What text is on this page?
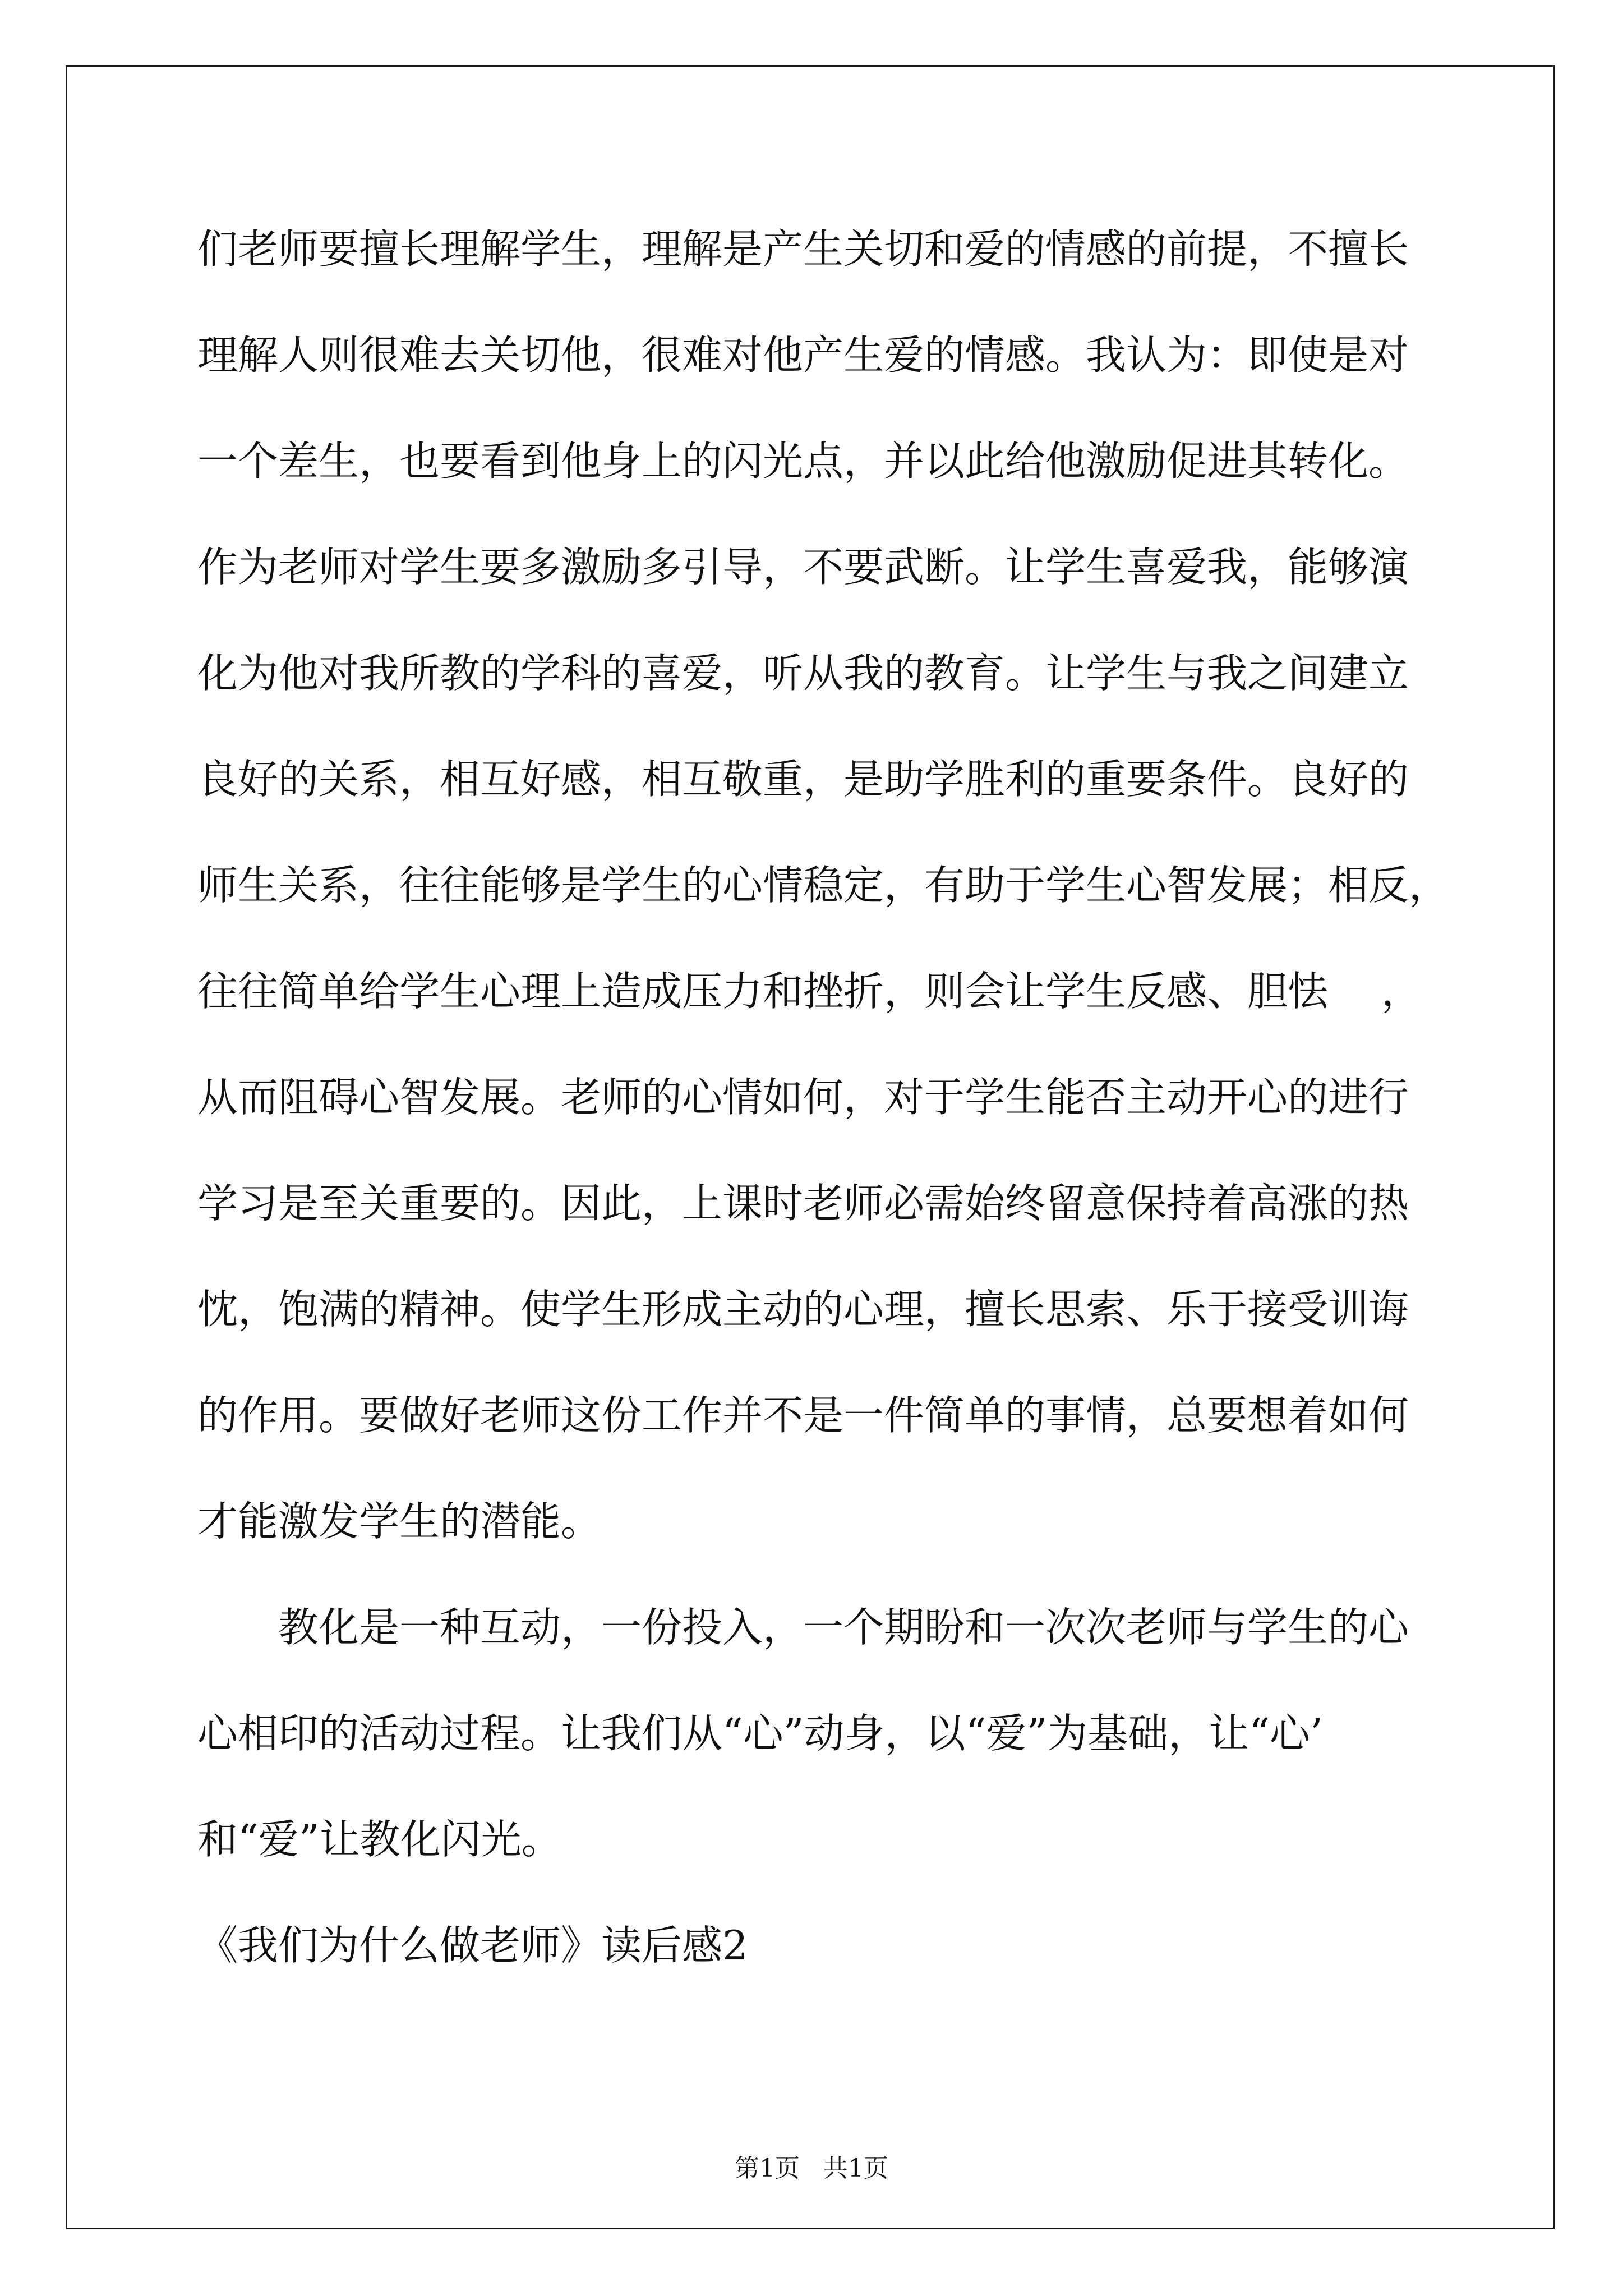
们老师要擅长理解学生，理解是产生关切和爱的情感的前提，不擅长

理解人则很难去关切他，很难对他产生爱的情感。我认为：即使是对

一个差生，也要看到他身上的闪光点，并以此给他激励促进其转化。

作为老师对学生要多激励多引导，不要武断。让学生喜爱我，能够演

化为他对我所教的学科的喜爱，听从我的教育。让学生与我之间建立

良好的关系，相互好感，相互敬重，是助学胜利的重要条件。良好的

师生关系，往往能够是学生的心情稳定，有助于学生心智发展；相反，

往往简单给学生心理上造成压力和挫折，则会让学生反感、胆怯　 ，

从而阻碍心智发展。老师的心情如何，对于学生能否主动开心的进行

学习是至关重要的。因此，上课时老师必需始终留意保持着高涨的热

忱，饱满的精神。使学生形成主动的心理，擅长思索、乐于接受训诲

的作用。要做好老师这份工作并不是一件简单的事情，总要想着如何

才能激发学生的潜能。

教化是一种互动，一份投入，一个期盼和一次次老师与学生的心

心相印的活动过程。让我们从“心”动身，以“爱”为基础，让“心’

和“爱”让教化闪光。

《我们为什么做老师》读后感2

第1页   共1页
